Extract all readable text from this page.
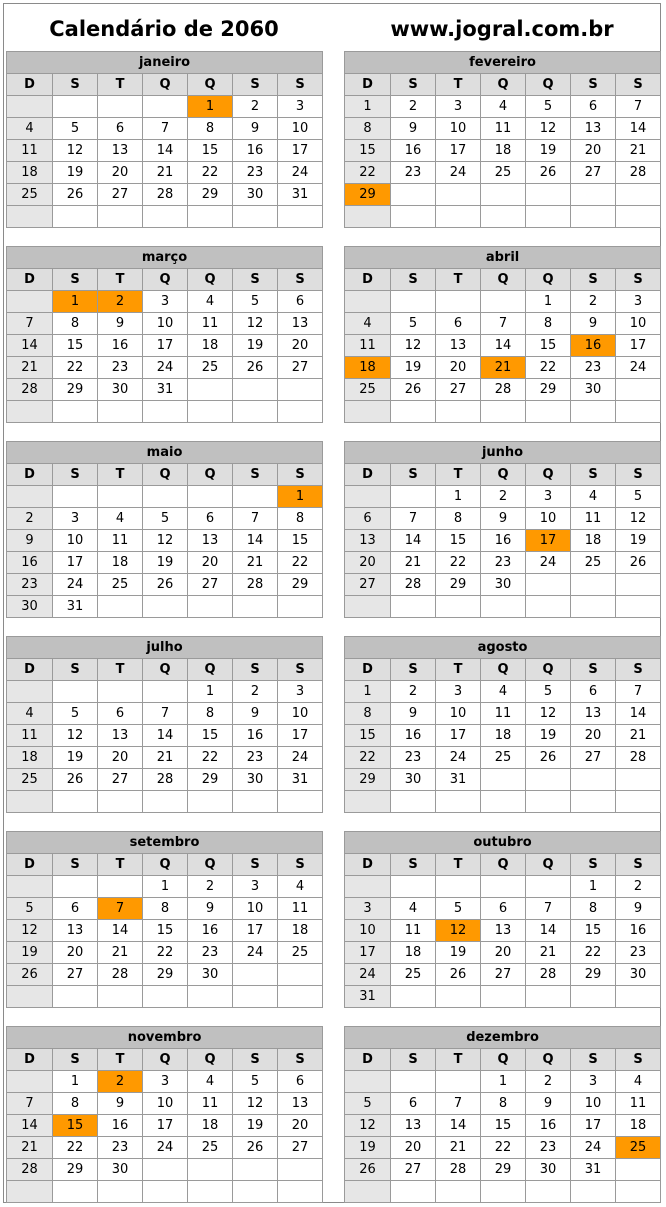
Calendário de 2060	www.jogral.com.br
janeiro						
D	S	T	Q	Q	S	S
				1	2	3
4	5	6	7	8	9	10
11	12	13	14	15	16	17
18	19	20	21	22	23	24
25	26	27	28	29	30	31

fevereiro						
D	S	T	Q	Q	S	S
1	2	3	4	5	6	7
8	9	10	11	12	13	14
15	16	17	18	19	20	21
22	23	24	25	26	27	28
29						

março						
D	S	T	Q	Q	S	S
	1	2	3	4	5	6
7	8	9	10	11	12	13
14	15	16	17	18	19	20
21	22	23	24	25	26	27
28	29	30	31			

abril						
D	S	T	Q	Q	S	S
				1	2	3
4	5	6	7	8	9	10
11	12	13	14	15	16	17
18	19	20	21	22	23	24
25	26	27	28	29	30	

maio						
D	S	T	Q	Q	S	S
						1
2	3	4	5	6	7	8
9	10	11	12	13	14	15
16	17	18	19	20	21	22
23	24	25	26	27	28	29
30	31					
junho						
D	S	T	Q	Q	S	S
		1	2	3	4	5
6	7	8	9	10	11	12
13	14	15	16	17	18	19
20	21	22	23	24	25	26
27	28	29	30			

julho						
D	S	T	Q	Q	S	S
				1	2	3
4	5	6	7	8	9	10
11	12	13	14	15	16	17
18	19	20	21	22	23	24
25	26	27	28	29	30	31

agosto						
D	S	T	Q	Q	S	S
1	2	3	4	5	6	7
8	9	10	11	12	13	14
15	16	17	18	19	20	21
22	23	24	25	26	27	28
29	30	31				

setembro						
D	S	T	Q	Q	S	S
			1	2	3	4
5	6	7	8	9	10	11
12	13	14	15	16	17	18
19	20	21	22	23	24	25
26	27	28	29	30		

outubro						
D	S	T	Q	Q	S	S
					1	2
3	4	5	6	7	8	9
10	11	12	13	14	15	16
17	18	19	20	21	22	23
24	25	26	27	28	29	30
31						
novembro						
D	S	T	Q	Q	S	S
	1	2	3	4	5	6
7	8	9	10	11	12	13
14	15	16	17	18	19	20
21	22	23	24	25	26	27
28	29	30				

dezembro						
D	S	T	Q	Q	S	S
			1	2	3	4
5	6	7	8	9	10	11
12	13	14	15	16	17	18
19	20	21	22	23	24	25
26	27	28	29	30	31	
